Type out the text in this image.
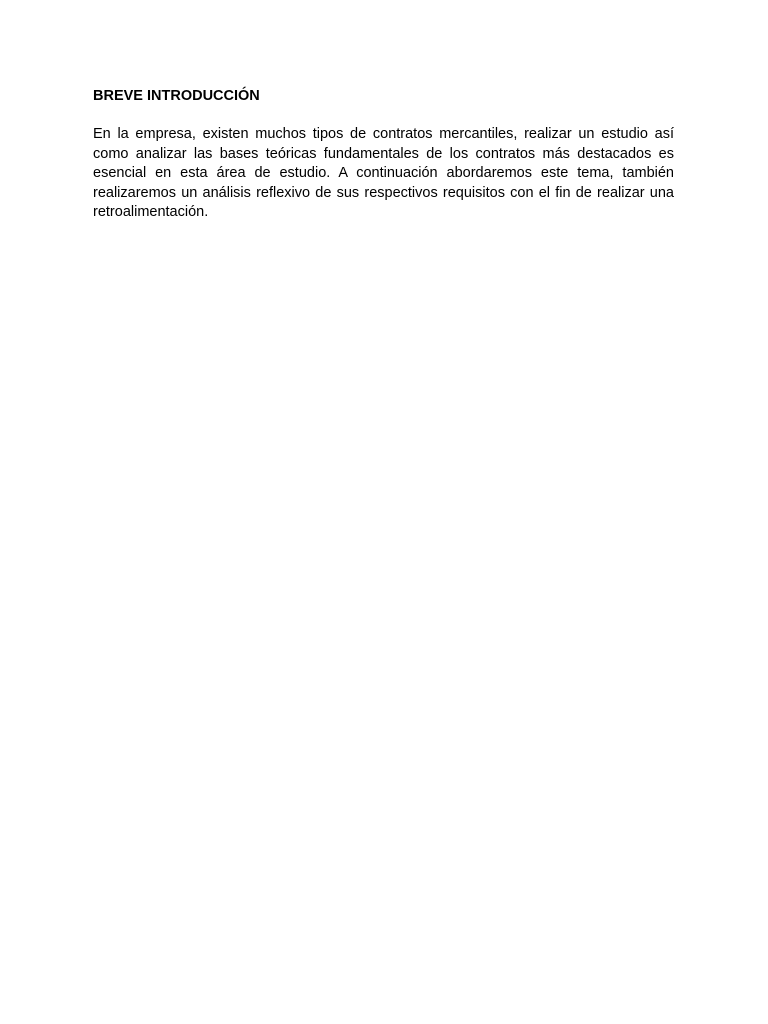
BREVE INTRODUCCIÓN

En la empresa, existen muchos tipos de contratos mercantiles, realizar un estudio así como analizar las bases teóricas fundamentales de los contratos más destacados es esencial en esta área de estudio. A continuación abordaremos este tema, también realizaremos un análisis reflexivo de sus respectivos requisitos con el fin de realizar una retroalimentación.
